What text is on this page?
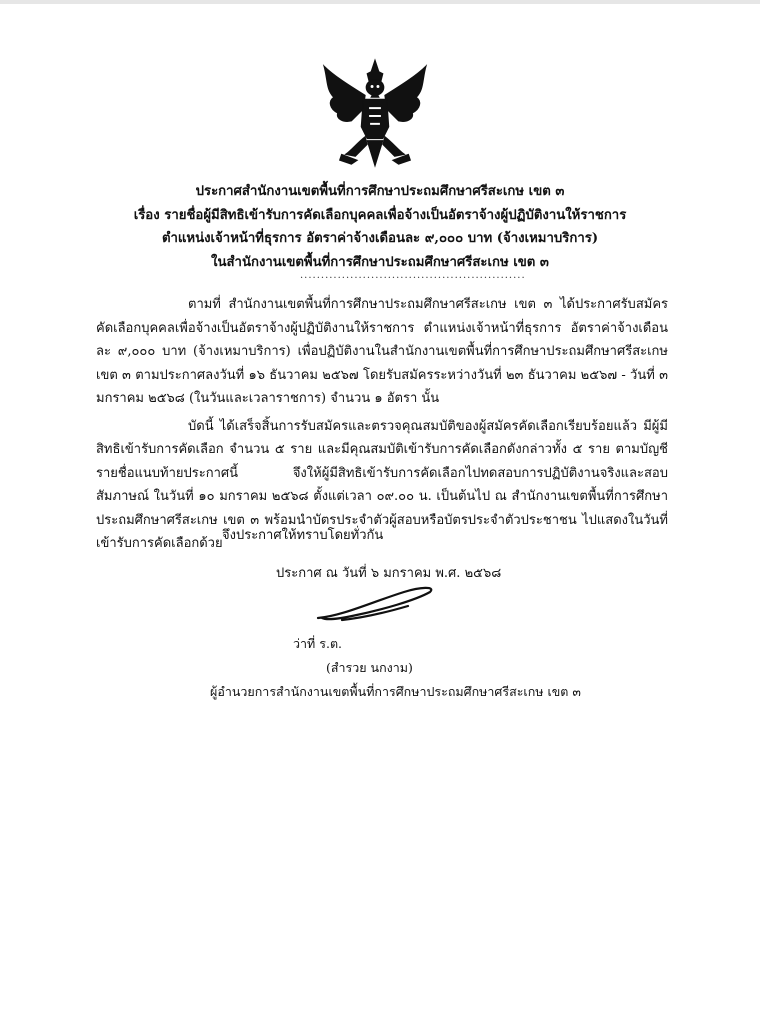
ประกาศสำนักงานเขตพื้นที่การศึกษาประถมศึกษาศรีสะเกษ เขต ๓
เรื่อง รายชื่อผู้มีสิทธิเข้ารับการคัดเลือกบุคคลเพื่อจ้างเป็นอัตราจ้างผู้ปฏิบัติงานให้ราชการ
ตำแหน่งเจ้าหน้าที่ธุรการ อัตราค่าจ้างเดือนละ ๙,๐๐๐ บาท (จ้างเหมาบริการ)
ในสำนักงานเขตพื้นที่การศึกษาประถมศึกษาศรีสะเกษ เขต ๓
......................................................

ตามที่ สำนักงานเขตพื้นที่การศึกษาประถมศึกษาศรีสะเกษ เขต ๓ ได้ประกาศรับสมัครคัดเลือกบุคคลเพื่อจ้างเป็นอัตราจ้างผู้ปฏิบัติงานให้ราชการ ตำแหน่งเจ้าหน้าที่ธุรการ อัตราค่าจ้างเดือนละ ๙,๐๐๐ บาท (จ้างเหมาบริการ) เพื่อปฏิบัติงานในสำนักงานเขตพื้นที่การศึกษาประถมศึกษาศรีสะเกษ เขต ๓ ตามประกาศลงวันที่ ๑๖ ธันวาคม ๒๕๖๗ โดยรับสมัครระหว่างวันที่ ๒๓ ธันวาคม ๒๕๖๗ - วันที่ ๓ มกราคม ๒๕๖๘ (ในวันและเวลาราชการ) จำนวน ๑ อัตรา นั้น

บัดนี้ ได้เสร็จสิ้นการรับสมัครและตรวจคุณสมบัติของผู้สมัครคัดเลือกเรียบร้อยแล้ว มีผู้มีสิทธิเข้ารับการคัดเลือก จำนวน ๕ ราย และมีคุณสมบัติเข้ารับการคัดเลือกดังกล่าวทั้ง ๕ ราย ตามบัญชีรายชื่อแนบท้ายประกาศนี้ จึงให้ผู้มีสิทธิเข้ารับการคัดเลือกไปทดสอบการปฏิบัติงานจริงและสอบสัมภาษณ์ ในวันที่ ๑๐ มกราคม ๒๕๖๘ ตั้งแต่เวลา ๐๙.๐๐ น. เป็นต้นไป ณ สำนักงานเขตพื้นที่การศึกษาประถมศึกษาศรีสะเกษ เขต ๓ พร้อมนำบัตรประจำตัวผู้สอบหรือบัตรประจำตัวประชาชน ไปแสดงในวันที่เข้ารับการคัดเลือกด้วย

จึงประกาศให้ทราบโดยทั่วกัน
ประกาศ ณ วันที่ ๖ มกราคม พ.ศ. ๒๕๖๘
ว่าที่ ร.ต.
(สำรวย นกงาม)
ผู้อำนวยการสำนักงานเขตพื้นที่การศึกษาประถมศึกษาศรีสะเกษ เขต ๓
